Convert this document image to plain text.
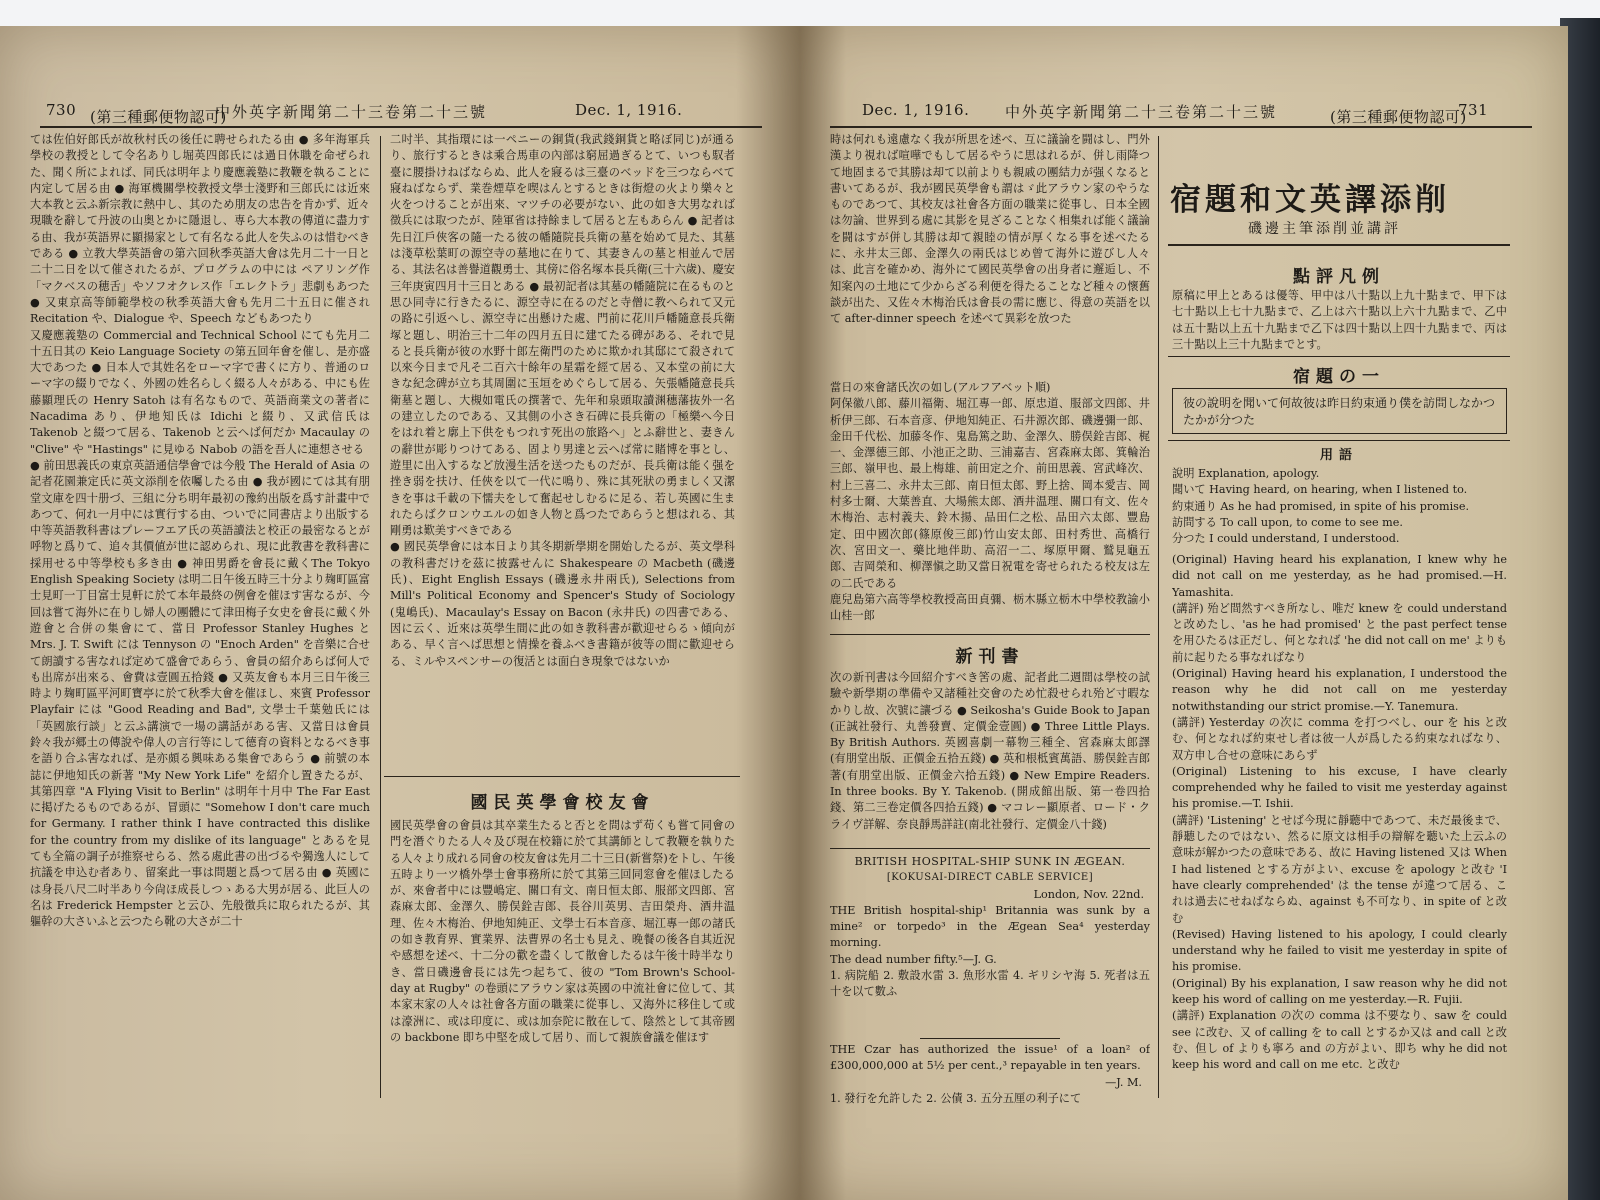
730 (第三種郵便物認可)
中外英字新聞第二十三卷第二十三號	Dec. 1, 1916.

ては佐伯好郎氏が故秋村氏の後任に聘せられたる由 ● 多年海軍兵學校の教授として令名ありし堀英四郎氏には過日休職を命ぜられた、聞く所によれば、同氏は明年より慶應義塾に教鞭を執ることに内定して居る由 ● 海軍機關學校教授文學士淺野和三郎氏には近來大本教と云ふ新宗教に熱中し、其のため朋友の忠告を肯かず、近々現職を辭して丹波の山奥とかに隱退し、専ら大本教の傳道に盡力する由、我が英語界に顯揚家として有名なる此人を失ふのは惜むべきである ● 立教大學英語會の第六回秋季英語大會は先月二十一日と二十二日を以て催されたるが、プログラムの中には ペアリング作「マクベスの穂舌」やソフオクレス作「エレクトラ」悲劇もあつた ● 又東京高等師範學校の秋季英語大會も先月二十五日に催されRecitation や、Dialogue や、Speech などもあつたり

又慶應義塾の Commercial and Technical School にても先月二十五日其の Keio Language Society の第五回年會を催し、是亦盛大であつた ● 日本人で其姓名をローマ字で書くに方り、普通のローマ字の綴りでなく、外國の姓名らしく綴る人々がある、中にも佐藤顯理氏の Henry Satoh は有名なもので、英語商業文の著者に Nacadima あり、伊地知氏は Idichi と綴り、又武信氏は Takenob と綴つて居る、Takenob と云へば何だか Macaulay の "Clive" や "Hastings" に見ゆる Nabob の語を吾人に連想させる

● 前田思義氏の東京英語通信學會では今般 The Herald of Asia の記者花園兼定氏に英文添削を依囑したる由 ● 我が國にては其有朋堂文庫を四十册づ、三組に分ち明年最初の豫約出版を爲す計畫中であつて、何れ一月中には實行する由、ついでに同書店より出版する中等英語教科書はプレーフエア氏の英語讀法と校正の最密なるとが呼物と爲りて、追々其價値が世に認められ、現に此教書を教科書に採用せる中等學校も多き由 ● 神田男爵を會長に戴くThe Tokyo English Speaking Society は明二日午後五時三十分より麹町區富士見町一丁目富士見軒に於て本年最終の例會を催ほす害なるが、今回は嘗て海外に在りし婦人の團體にて津田梅子女史を會長に戴く外遊會と合併の集會にて、當日 Professor Stanley Hughes と Mrs. J. T. Swift には Tennyson の "Enoch Arden" を音樂に合せて朗讀する害なれば定めて盛會であらう、會員の紹介あらば何人でも出席が出來る、會費は壹圓五拾錢 ● 又英友會も本月三日午後三時より麹町區平河町寶亭に於て秋季大會を催ほし、來賓 Professor Playfair には "Good Reading and Bad", 文學士千葉勉氏には「英國旅行談」と云ふ講演で一場の講話がある害、又當日は會員鈴々我が郷土の傳說や偉人の言行等にして德育の資料となるべき事を語り合ふ害なれば、是亦頗る興味ある集會であらう ● 前號の本誌に伊地知氏の新著 "My New York Life" を紹介し置きたるが、其第四章 "A Flying Visit to Berlin" は明年十月中 The Far East に掲げたるものであるが、冒頭に "Somehow I don't care much for Germany. I rather think I have contracted this dislike for the country from my dislike of its language" とあるを見ても全篇の調子が推察せらる、然る處此書の出づるや獨逸人にして抗議を申込む者あり、留案此一事は問題と爲つて居る由 ● 英國には身長八尺二吋半あり今尙ほ成長しつゝある大男が居る、此巨人の名は Frederick Hempster と云ひ、先般徴兵に取られたるが、其軀幹の大さいふと云つたら靴の大さが二十

二吋半、其指環には一ペニーの銅貨(我武錢銅貨と略ぼ同じ)が通るり、旅行するときは乘合馬車の內部は窮屈過ぎるとて、いつも馭者臺に腰掛けねばならぬ、此人を寢るは三臺のベッドを三つならべて寢ねばならず、業巻煙草を喫はんとするときは街燈の火より樂々と火をつけることが出來、マツチの必要がない、此の如き大男なれば徴兵には取つたが、陸軍省は持餘まして居ると左もあらん ● 記者は先日江戶俠客の隨一たる彼の幡隨院長兵衛の墓を始めて見た、其墓は淺草松葉町の源空寺の墓地に在りて、其妻きんの墓と相並んで居る、其法名は善譽道觀勇士、其傍に俗名塚本長兵衛(三十六歲)、慶安三年庚寅四月十三日とある ● 最初記者は其墓の幡隨院に在るものと思ひ同寺に行きたるに、源空寺に在るのだと寺僧に教へられて又元の路に引返へし、源空寺に出懸けた處、門前に花川戶幡隨意長兵衛塚と題し、明治三十二年の四月五日に建てたる碑がある、それで見ると長兵衛が彼の水野十郎左衛門のために欺かれ其邸にて殺されて以來今日まで凡そ二百六十餘年の星霜を經て居る、又本堂の前に大きな紀念碑が立ち其周圍に玉垣をめぐらして居る、矢張幡隨意長兵衛墓と題し、大槻如電氏の撰著で、先年和泉頭取讀渊穗藩抜外一名の建立したのである、又其側の小さき石碑に長兵衛の「極樂へ今日をはれ着と廓上下供をもつれす死出の旅路へ」とふ辭世と、妻きんの辭世が彫りつけてある、固より男達と云へば常に賭博を事とし、遊里に出入するなど放漫生活を送つたものだが、長兵衛は能く强を挫き弱を扶け、任俠を以て一代に鳴り、殊に其死狀の勇ましく又潔きを事は千載の下懦夫をして奮起せしむるに足る、若し英國に生まれたらばクロンウエルの如き人物と爲つたであらうと想はれる、其剛勇は歎美すべきである

● 國民英學會には本日より其冬期新學期を開始したるが、英文學科の教科書だけを茲に披露せんに Shakespeare の Macbeth (磯邊氏)、Eight English Essays (磯邊永井兩氏), Selections from Mill's Political Economy and Spencer's Study of Sociology (鬼嶋氏)、Macaulay's Essay on Bacon (永井氏) の四書である、因に云く、近來は英學生間に此の如き教科書が歡迎せらるゝ傾向がある、早く言へば思想と情操を養ふべき書籍が彼等の間に歡迎せらる、ミルやスペンサーの復活とは面白き現象ではないか

國民英學會校友會

國民英學會の會員は其卒業生たると否とを問はず苟くも嘗て同會の門を潛ぐりたる人々及び現在校籍に於て其講師として教鞭を執りたる人々より成れる同會の校友會は先月二十三日(新嘗祭)をトし、午後五時より一ツ橋外學士會事務所に於て其第三回同窓會を催ほしたるが、來會者中には豐嶋定、關口有文、南日恒太郎、服部文四郎、宮森麻太郎、金澤久、勝俣銓吉郎、長谷川英男、吉田榮舟、酒井温理、佐々木梅治、伊地知純正、文學士石本音彦、堀江專一郎の諸氏の如き教育界、實業界、法曹界の名士も見え、晚餐の後各自其近況や感想を述べ、十二分の歡を盡くして散會したるは午後十時半なりき、當日磯邊會長には先つ起ちて、彼の "Tom Brown's School-day at Rugby" の卷頭にアラウン家は英國の中流社會に位して、其本家末家の人々は社會各方面の職業に從事し、又海外に移住して或は濠洲に、或は印度に、或は加奈陀に散在して、陰然として其帝國の backbone 即ち中堅を成して居り、而して親族會議を催ほす

Dec. 1, 1916. 中外英字新聞第二十三卷第二十三號	(第三種郵便物認可)
731

時は何れも遠慮なく我が所思を述べ、互に議論を闘はし、門外漢より視れば喧嘩でもして居るやうに思はれるが、併し雨降つて地固まるで其勝は却て以前よりも親戚の團結力が强くなると書いてあるが、我が國民英學會も謂はゞ此アラウン家のやうなものであつて、其校友は社會各方面の職業に從事し、日本全國は勿論、世界到る處に其影を見ざることなく相集れば能く議論を闘はすが併し其勝は却て親睦の情が厚くなる事を述べたるに、永井太三郎、金澤久の兩氏はじめ曾て海外に遊びし人々は、此言を確かめ、海外にて國民英學會の出身者に邂逅し、不知案內の土地にて少からざる利便を得たることなど種々の懷舊談が出た、又佐々木梅治氏は會長の需に應じ、得意の英語を以て after-dinner speech を述べて異彩を放つた

當日の來會諸氏次の如し(アルフアベット順)

阿保徽八郎、藤川福衛、堀江專一郎、原忠道、服部文四郎、井析伊三郎、石本音彦、伊地知純正、石井源次郎、磯邊彌一郎、金田千代松、加藤冬作、鬼島篤之助、金澤久、勝俣銓吉郎、梶一、金澤德三郎、小池正之助、三浦嘉吉、宮森麻太郎、箕輪治三郎、嶺甲也、最上梅雄、前田定之介、前田思義、宮武峰次、村上三喜二、永井太三郎、南日恒太郎、野上捨、岡本愛吉、岡村多士爾、大葉善直、大場熊太郎、酒井温理、關口有文、佐々木梅治、志村義夫、鈴木揚、品田仁之松、品田六太郎、豐島定、田中國次郎(篠原俊三郎)竹山安太郎、田村秀世、高橋行次、宮田文一、藥比地伴助、高沼一二、塚原甲爾、鷲見龜五郎、吉岡榮和、柳澤愼之助又當日祝電を寄せられたる校友は左の二氏である

鹿兒島第六高等學校教授高田貞彌、栃木縣立栃木中學校教諭小山桂一郎

新刊書

次の新刊書は今回紹介すべき筈の處、記者此二週間は學校の試驗や新學期の準備や又諸種社交會のため忙殺せられ殆ど寸暇なかりし故、次號に讓づる ● Seikosha's Guide Book to Japan (正誠社發行、丸善發賣、定價金壹圓) ● Three Little Plays. By British Authors. 英國喜劇一幕物三種全、宮森麻太郎譯 (有朋堂出版、正價金五拾五錢) ● 英和根柢賓萬語、勝俣銓吉郎著(有朋堂出版、正價金六拾五錢) ● New Empire Readers. In three books. By Y. Takenob. (開成館出版、第一卷四拾錢、第二三卷定價各四拾五錢) ● マコレー顯原者、ロード・クライヴ詳解、奈良靜馬詳註(南北社發行、定價金八十錢)

BRITISH HOSPITAL-SHIP SUNK IN ÆGEAN.

[KOKUSAI-DIRECT CABLE SERVICE]

London, Nov. 22nd.

THE British hospital-ship¹ Britannia was sunk by a mine² or torpedo³ in the Ægean Sea⁴ yesterday morning.

The dead number fifty.⁵—J. G.

1. 病院船 2. 敷設水雷 3. 魚形水雷 4. ギリシヤ海 5. 死者は五十を以て數ふ

THE Czar has authorized the issue¹ of a loan² of £300,000,000 at 5½ per cent.,³ repayable in ten years.

—J. M.

1. 發行を允許した 2. 公債 3. 五分五厘の利子にて

宿題和文英譯添削
磯邊主筆添削並講評
點評凡例

原稿に甲上とあるは優等、甲中は八十點以上九十點まで、甲下は七十點以上七十九點まで、乙上は六十點以上六十九點まで、乙中は五十點以上五十九點まで乙下は四十點以上四十九點まで、丙は三十點以上三十九點までとす。

宿題の一
彼の說明を聞いて何故彼は昨日約束通り僕を訪問しなかつたかが分つた
用語

說明 Explanation, apology.

聞いて Having heard, on hearing, when I listened to.

約束通り As he had promised, in spite of his promise.

訪問する To call upon, to come to see me.

分つた I could understand, I understood.

(Original) Having heard his explanation, I knew why he did not call on me yesterday, as he had promised.—H. Yamashita.

(講評) 殆ど間然すべき所なし、唯だ knew を could understand と改めたし、'as he had promised' と the past perfect tense を用ひたるは正だし、何となれば 'he did not call on me' よりも前に起りたる事なればなり

(Original) Having heard his explanation, I understood the reason why he did not call on me yesterday notwithstanding our strict promise.—Y. Tanemura.

(講評) Yesterday の次に comma を打つべし、our を his と改む、何となれば約束せし者は彼一人が爲したる約束なればなり、双方申し合せの意味にあらず

(Original) Listening to his excuse, I have clearly comprehended why he failed to visit me yesterday against his promise.—T. Ishii.

(講評) 'Listening' とせば今現に靜聽中であつて、未だ最後まで、靜聽したのではない、然るに原文は相手の辯解を聽いた上云ふの意味が解かつたの意味である、故に Having listened 又は When I had listened とする方がよい、excuse を apology と改む 'I have clearly comprehended' は the tense が違つて居る、これは過去にせねばならぬ、against も不可なり、in spite of と改む

(Revised) Having listened to his apology, I could clearly understand why he failed to visit me yesterday in spite of his promise.

(Original) By his explanation, I saw reason why he did not keep his word of calling on me yesterday.—R. Fujii.

(講評) Explanation の次の comma は不要なり、saw を could see に改む、又 of calling を to call とするか又は and call と改む、但し of よりも寧ろ and の方がよい、即ち why he did not keep his word and call on me etc. と改む
